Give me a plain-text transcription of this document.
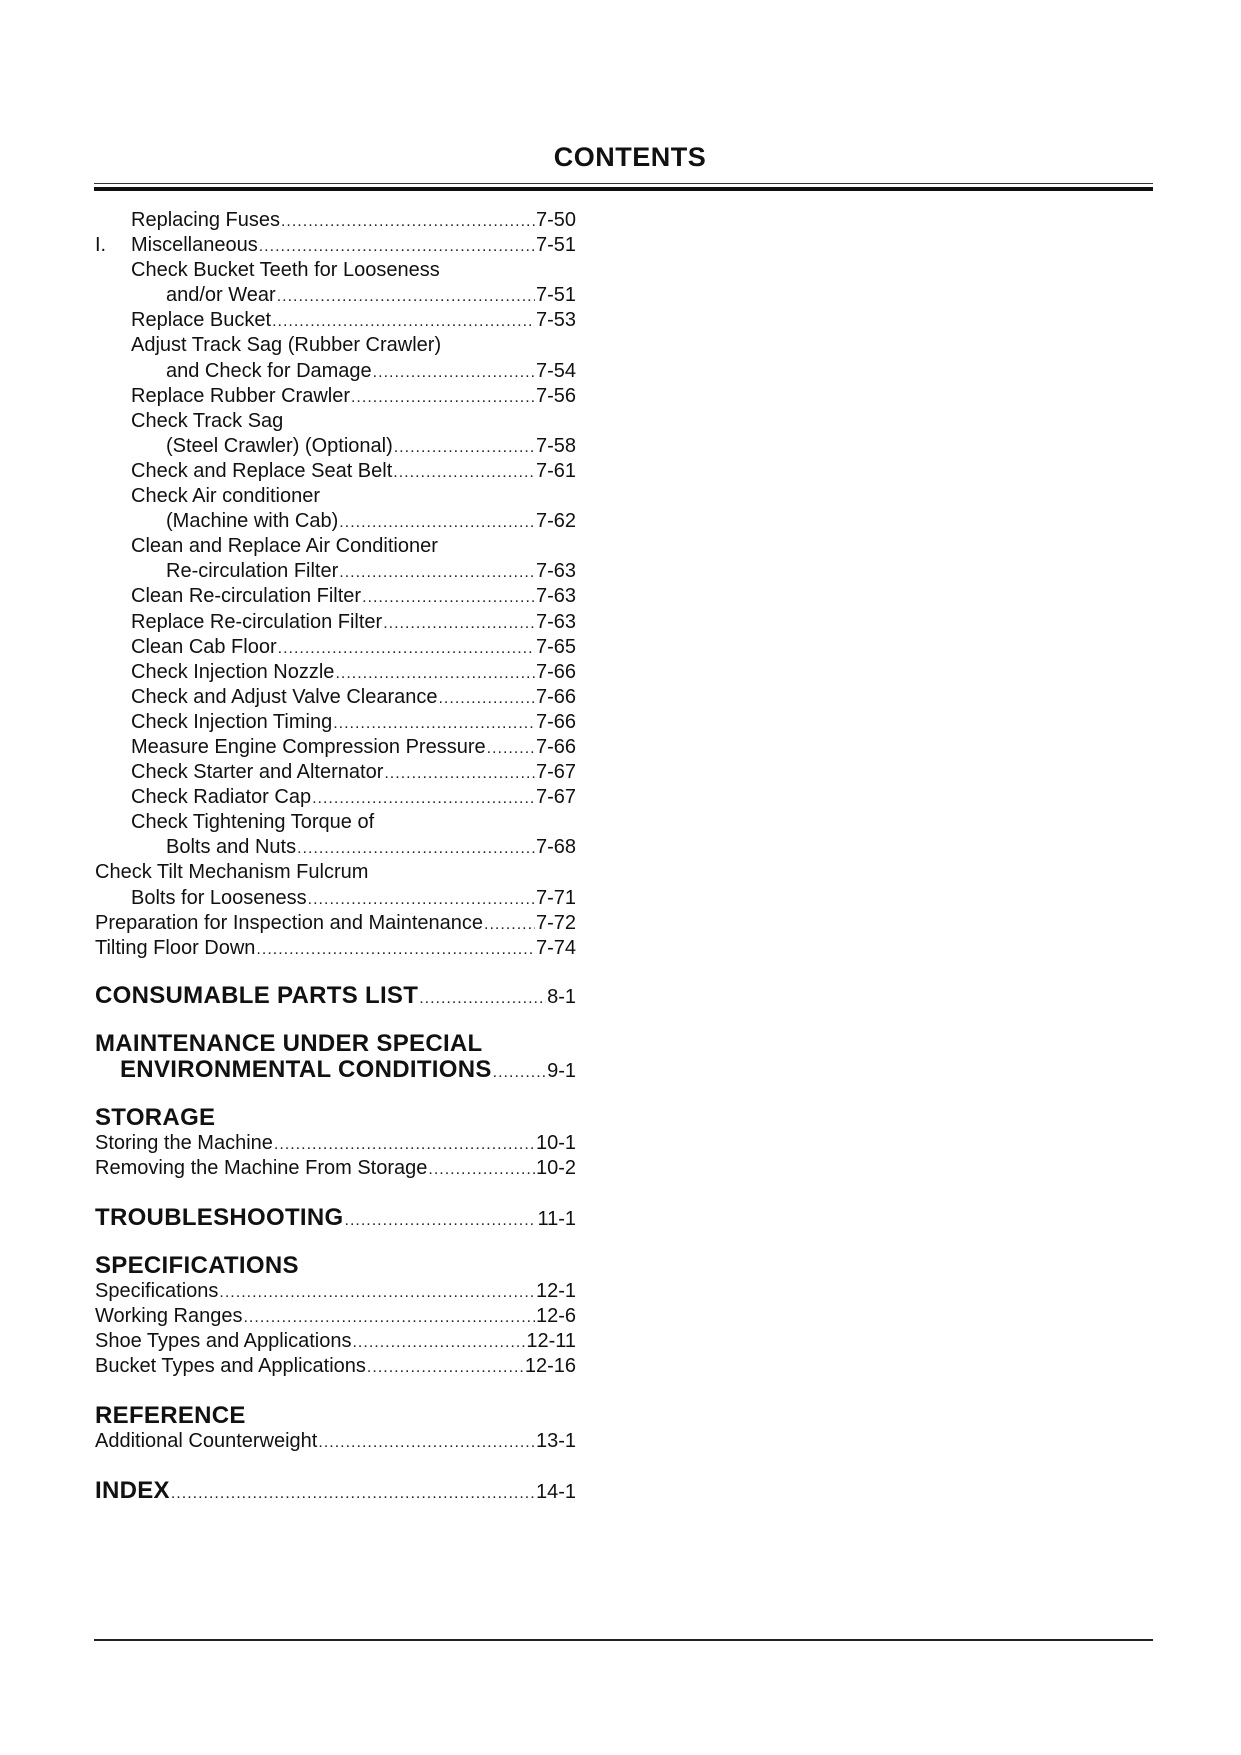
CONTENTS
Replacing Fuses .....	7-50
I. Miscellaneous .....	7-51
Check Bucket Teeth for Looseness
and/or Wear .....	7-51
Replace Bucket .....	7-53
Adjust Track Sag (Rubber Crawler)
and Check for Damage .....	7-54
Replace Rubber Crawler .....	7-56
Check Track Sag
(Steel Crawler) (Optional) .....	7-58
Check and Replace Seat Belt .....	7-61
Check Air conditioner
(Machine with Cab) .....	7-62
Clean and Replace Air Conditioner
Re-circulation Filter .....	7-63
Clean Re-circulation Filter .....	7-63
Replace Re-circulation Filter .....	7-63
Clean Cab Floor .....	7-65
Check Injection Nozzle .....	7-66
Check and Adjust Valve Clearance .....	7-66
Check Injection Timing .....	7-66
Measure Engine Compression Pressure .....	7-66
Check Starter and Alternator .....	7-67
Check Radiator Cap .....	7-67
Check Tightening Torque of
Bolts and Nuts .....	7-68
Check Tilt Mechanism Fulcrum
Bolts for Looseness .....	7-71
Preparation for Inspection and Maintenance .....	7-72
Tilting Floor Down .....	7-74
CONSUMABLE PARTS LIST .....	8-1
MAINTENANCE UNDER SPECIAL
ENVIRONMENTAL CONDITIONS .....	9-1
STORAGE
Storing the Machine .....	10-1
Removing the Machine From Storage .....	10-2
TROUBLESHOOTING .....	11-1
SPECIFICATIONS
Specifications .....	12-1
Working Ranges .....	12-6
Shoe Types and Applications .....	12-11
Bucket Types and Applications .....	12-16
REFERENCE
Additional Counterweight .....	13-1
INDEX .....	14-1
